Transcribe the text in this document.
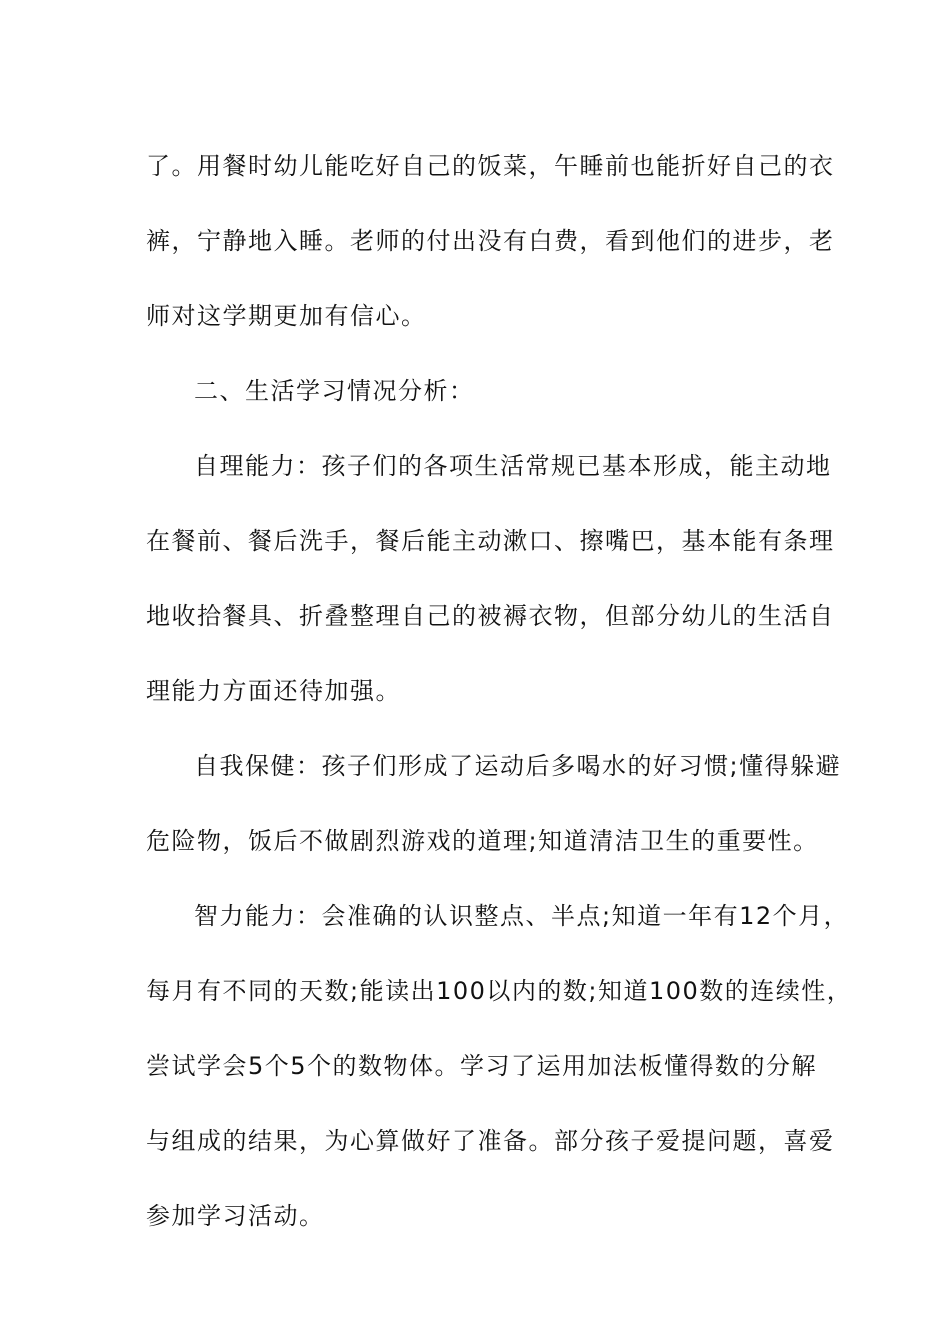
了。用餐时幼儿能吃好自己的饭菜，午睡前也能折好自己的衣
裤，宁静地入睡。老师的付出没有白费，看到他们的进步，老
师对这学期更加有信心。
二、生活学习情况分析：
自理能力：孩子们的各项生活常规已基本形成，能主动地
在餐前、餐后洗手，餐后能主动漱口、擦嘴巴，基本能有条理
地收拾餐具、折叠整理自己的被褥衣物，但部分幼儿的生活自
理能力方面还待加强。
自我保健：孩子们形成了运动后多喝水的好习惯;懂得躲避
危险物，饭后不做剧烈游戏的道理;知道清洁卫生的重要性。
智力能力：会准确的认识整点、半点;知道一年有12个月，
每月有不同的天数;能读出100以内的数;知道100数的连续性，
尝试学会5个5个的数物体。学习了运用加法板懂得数的分解
与组成的结果，为心算做好了准备。部分孩子爱提问题，喜爱
参加学习活动。
